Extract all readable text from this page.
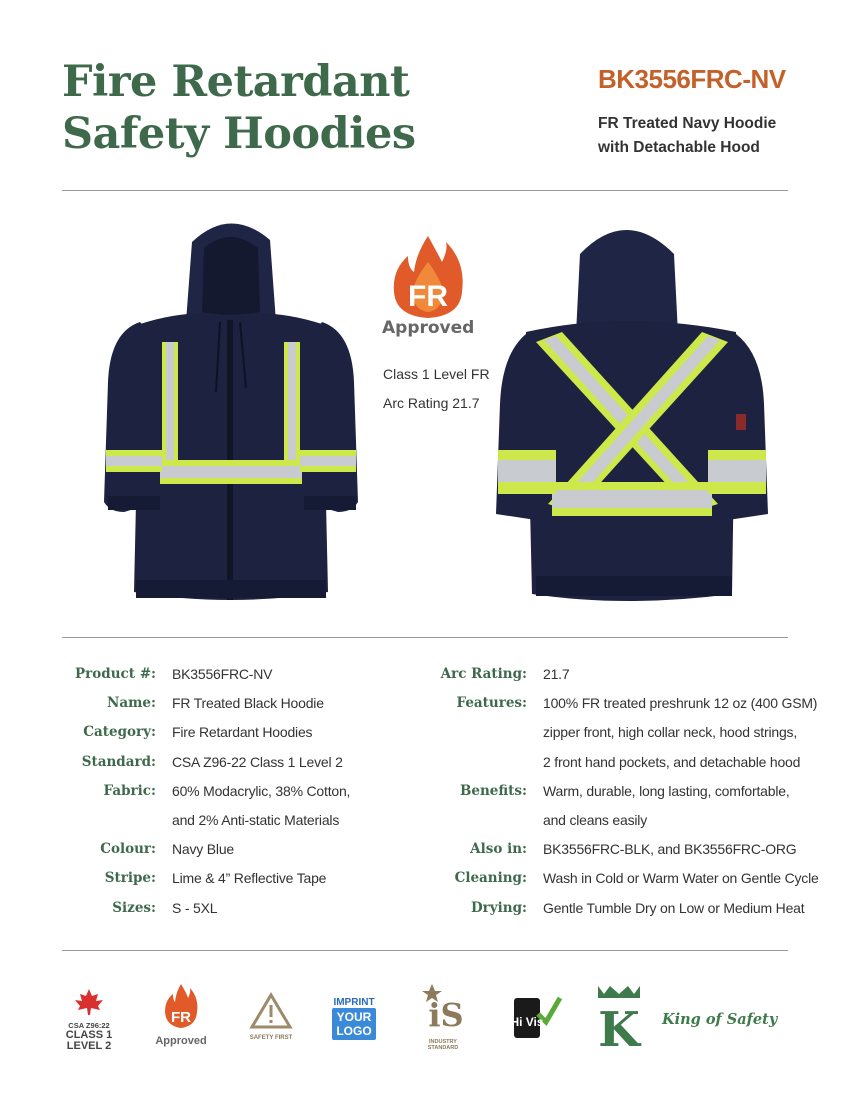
Fire Retardant
Safety Hoodies
BK3556FRC-NV
FR Treated Navy Hoodie
with Detachable Hood
FR
Approved
Class 1 Level FR
Arc Rating 21.7
Product #:	BK3556FRC-NV
Name:	FR Treated Black Hoodie
Category:	Fire Retardant Hoodies
Standard:	CSA Z96-22 Class 1 Level 2
Fabric:	60% Modacrylic, 38% Cotton,
and 2% Anti-static Materials
Colour:	Navy Blue
Stripe:	Lime & 4” Reflective Tape
Sizes:	S - 5XL
Arc Rating:	21.7
Features:	100% FR treated preshrunk 12 oz (400 GSM)
zipper front, high collar neck, hood strings,
2 front hand pockets, and detachable hood
Benefits:	Warm, durable, long lasting, comfortable,
and cleans easily
Also in:	BK3556FRC-BLK, and BK3556FRC-ORG
Cleaning:	Wash in Cold or Warm Water on Gentle Cycle
Drying:	Gentle Tumble Dry on Low or Medium Heat
CSA Z96:22
CLASS 1
LEVEL 2
FR
Approved	SAFETY FIRST
IMPRINT
YOUR
LOGO iS
INDUSTRY STANDARD
Hi Vis K King of Safety
